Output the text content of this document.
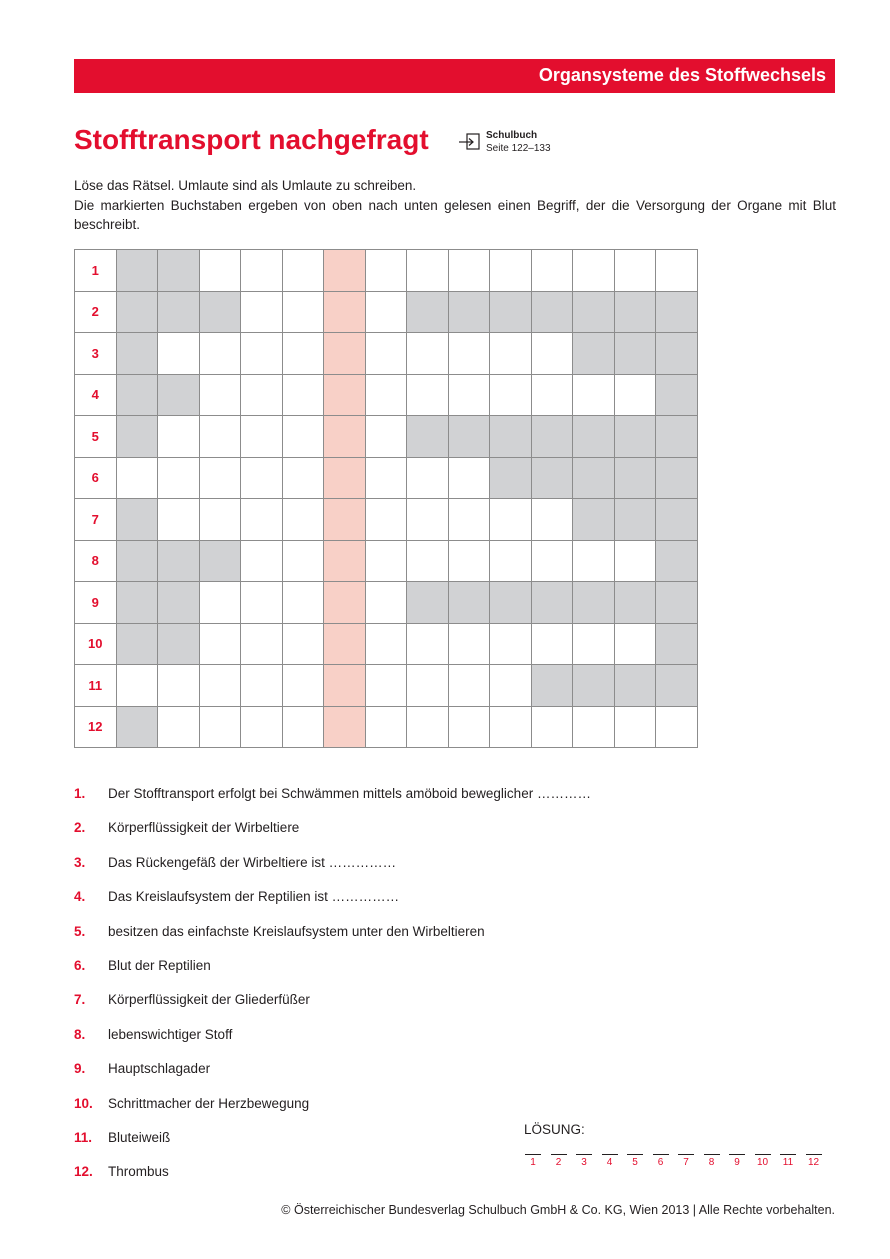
Organsysteme des Stoffwechsels
Stofftransport nachgefragt	Schulbuch
Seite 122–133

Löse das Rätsel. Umlaute sind als Umlaute zu schreiben.

Die markierten Buchstaben ergeben von oben nach unten gelesen einen Begriff, der die Versorgung der Organe mit Blut beschreibt.

1														
2														
3														
4														
5														
6														
7														
8														
9														
10														
11														
12														
1. Der Stofftransport erfolgt bei Schwämmen mittels amöboid beweglicher …………
2. Körperflüssigkeit der Wirbeltiere
3. Das Rückengefäß der Wirbeltiere ist ……………
4. Das Kreislaufsystem der Reptilien ist ……………
5. besitzen das einfachste Kreislaufsystem unter den Wirbeltieren
6. Blut der Reptilien
7. Körperflüssigkeit der Gliederfüßer
8. lebenswichtiger Stoff
9. Hauptschlagader
10. Schrittmacher der Herzbewegung
11. Bluteiweiß
12. Thrombus
LÖSUNG:
1	2	3	4	5	6	7	8	9	10 11 12
© Österreichischer Bundesverlag Schulbuch GmbH & Co. KG, Wien 2013 | Alle Rechte vorbehalten.
